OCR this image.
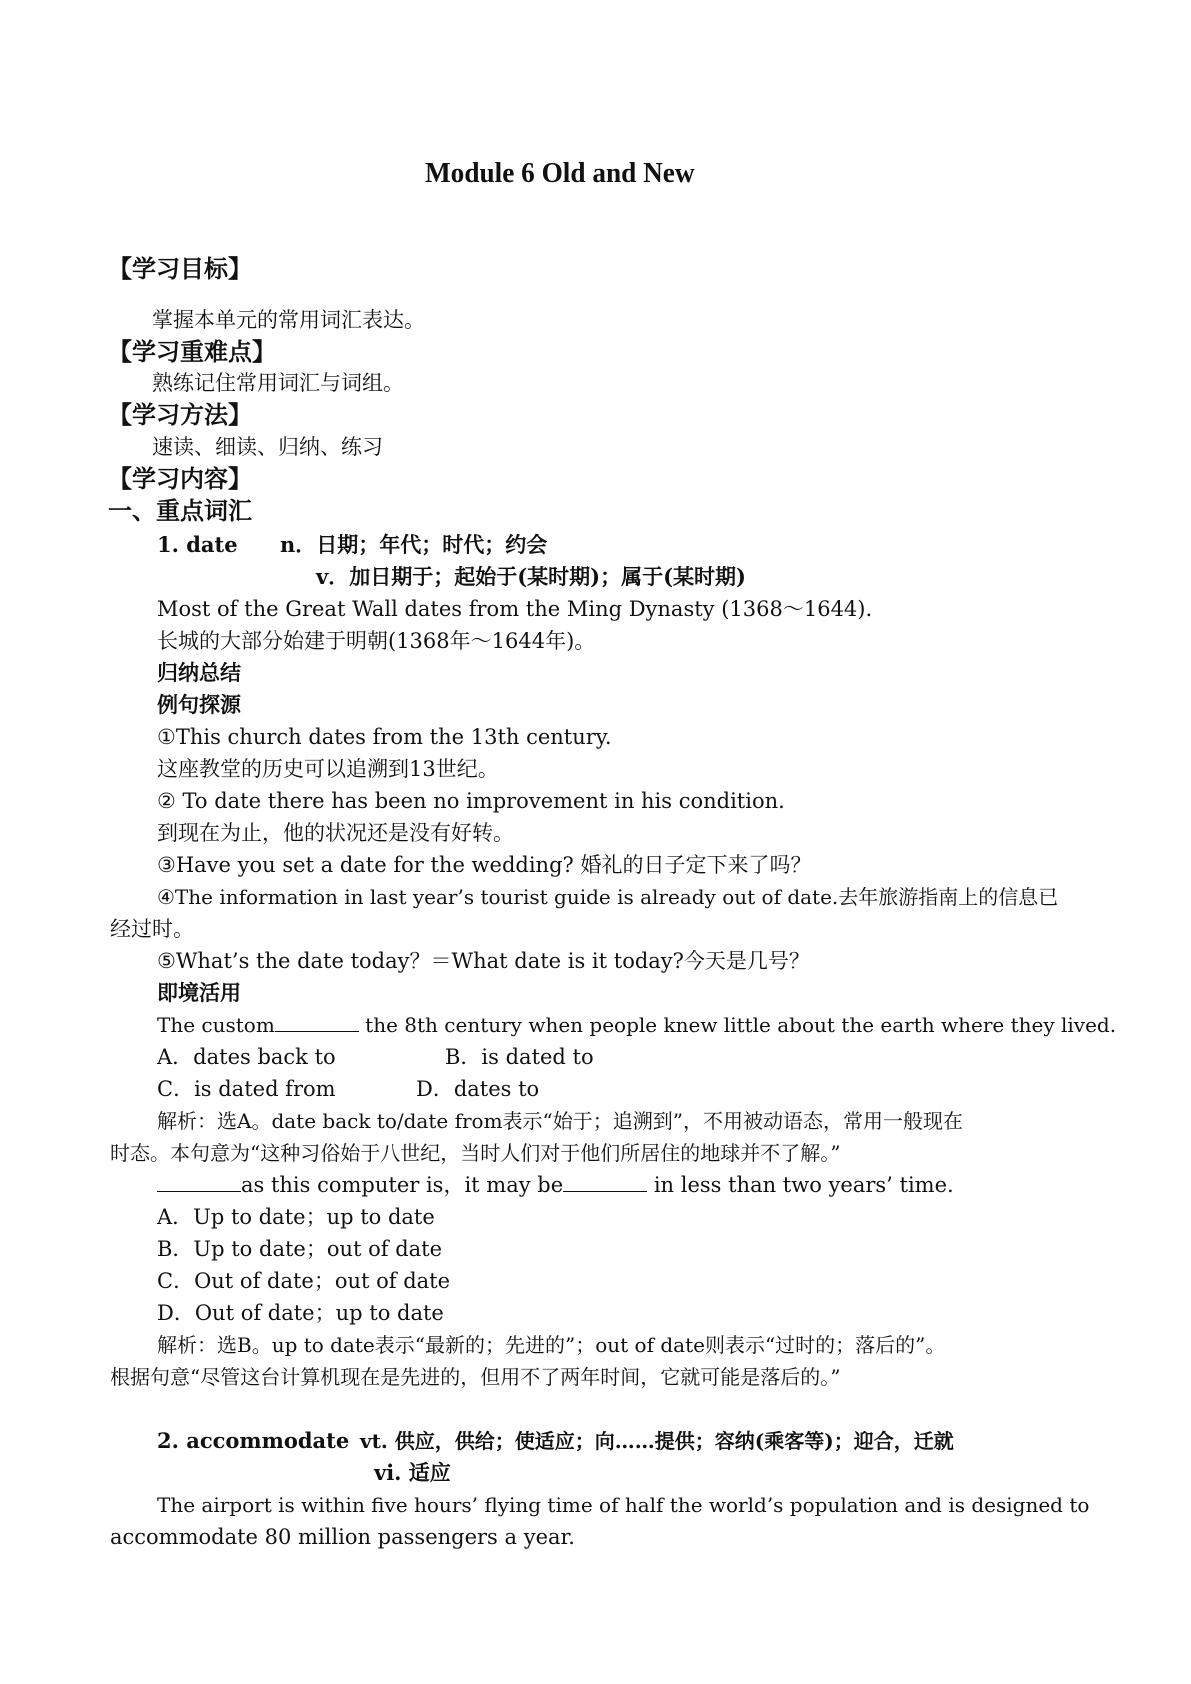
Module 6 Old and New
【学习目标】
掌握本单元的常用词汇表达。
【学习重难点】
熟练记住常用词汇与词组。
【学习方法】
速读、细读、归纳、练习
【学习内容】
一、重点词汇
1. date n．日期；年代；时代；约会
v．加日期于；起始于(某时期)；属于(某时期)
Most of the Great Wall dates from the Ming Dynasty (1368～1644).
长城的大部分始建于明朝(1368年～1644年)。
归纳总结
例句探源
①This church dates from the 13th century.
这座教堂的历史可以追溯到13世纪。
② To date there has been no improvement in his condition.
到现在为止，他的状况还是没有好转。
③Have you set a date for the wedding? 婚礼的日子定下来了吗？
④The information in last year’s tourist guide is already out of date.去年旅游指南上的信息已
经过时。
⑤What’s the date today？＝What date is it today?今天是几号？
即境活用
The custom	the 8th century when people knew little about the earth where they lived.
A．dates back to	B．is dated to
C．is dated from	D．dates to
解析：选A。date back to/date from表示“始于；追溯到”，不用被动语态，常用一般现在
时态。本句意为“这种习俗始于八世纪，当时人们对于他们所居住的地球并不了解。”
as this computer is，it may be	in less than two years’ time.
A．Up to date；up to date
B．Up to date；out of date
C．Out of date；out of date
D．Out of date；up to date
解析：选B。up to date表示“最新的；先进的”；out of date则表示“过时的；落后的”。
根据句意“尽管这台计算机现在是先进的，但用不了两年时间，它就可能是落后的。”
2. accommodate vt. 供应，供给；使适应；向……提供；容纳(乘客等)；迎合，迁就
vi. 适应
The airport is within five hours’ flying time of half the world’s population and is designed to
accommodate 80 million passengers a year.
